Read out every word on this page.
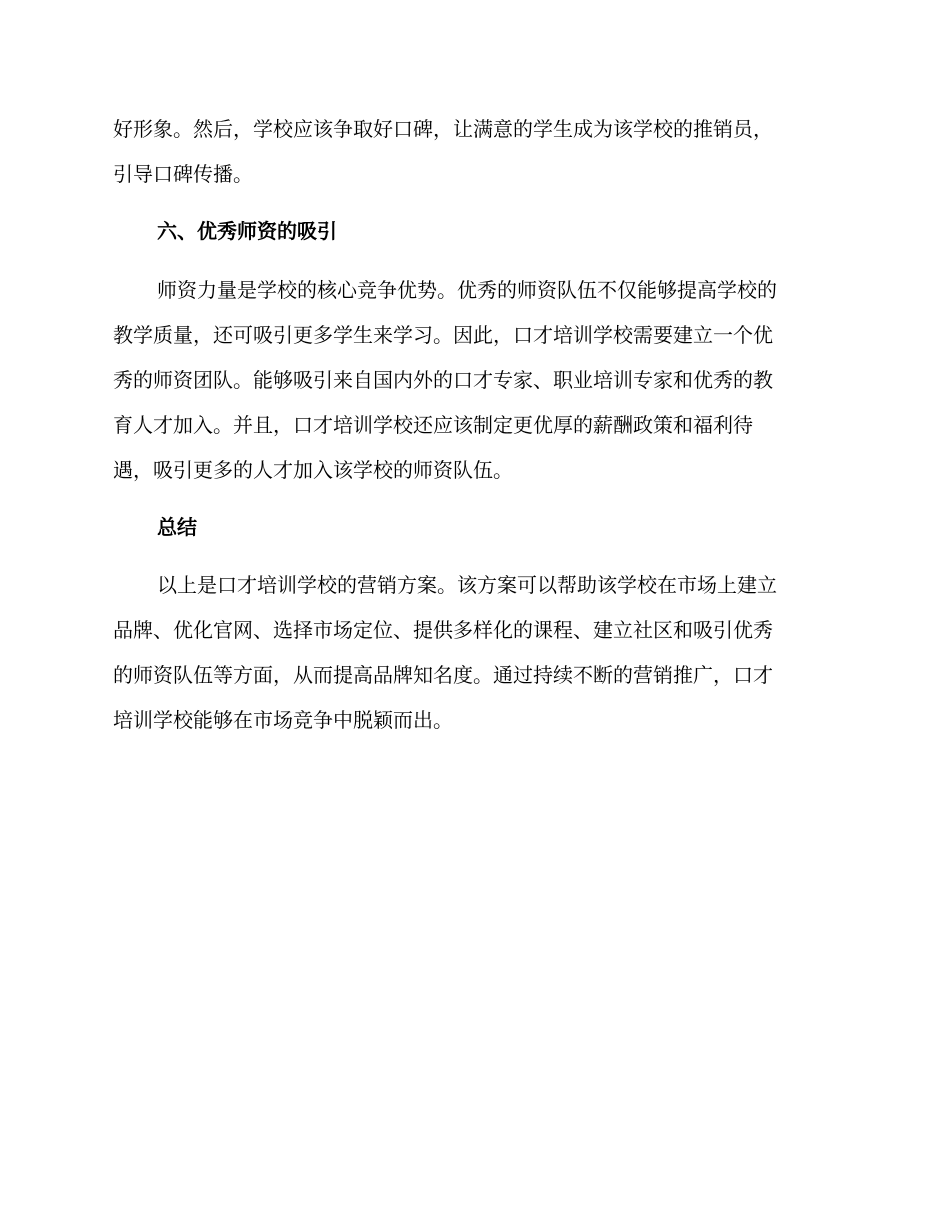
好形象。然后，学校应该争取好口碑，让满意的学生成为该学校的推销员，

引导口碑传播。

六、优秀师资的吸引

师资力量是学校的核心竞争优势。优秀的师资队伍不仅能够提高学校的

教学质量，还可吸引更多学生来学习。因此，口才培训学校需要建立一个优

秀的师资团队。能够吸引来自国内外的口才专家、职业培训专家和优秀的教

育人才加入。并且，口才培训学校还应该制定更优厚的薪酬政策和福利待

遇，吸引更多的人才加入该学校的师资队伍。

总结

以上是口才培训学校的营销方案。该方案可以帮助该学校在市场上建立

品牌、优化官网、选择市场定位、提供多样化的课程、建立社区和吸引优秀

的师资队伍等方面，从而提高品牌知名度。通过持续不断的营销推广，口才

培训学校能够在市场竞争中脱颖而出。
